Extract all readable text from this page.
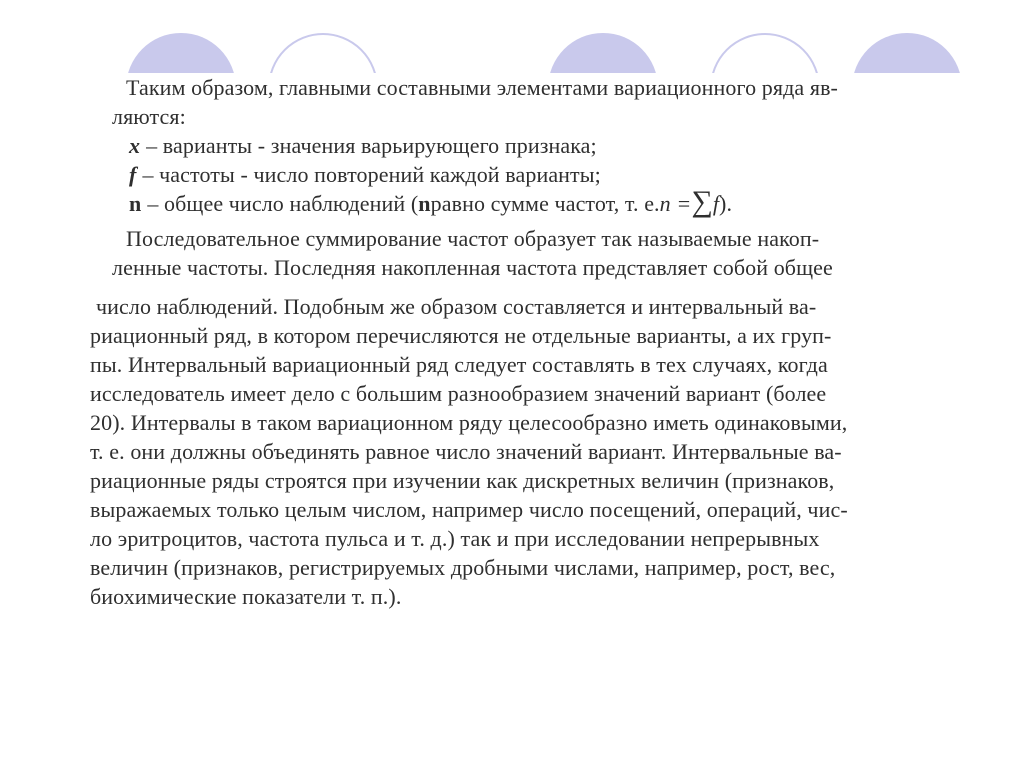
Таким образом, главными составными элементами вариационного ряда яв-
ляются:
x – варианты - значения варьирующего признака;
f – частоты - число повторений каждой варианты;
n – общее число наблюдений ( n равно сумме частот, т. е. n = ∑ f ).
Последовательное суммирование частот образует так называемые накоп-
ленные частоты. Последняя накопленная частота представляет собой общее
число наблюдений. Подобным же образом составляется и интервальный ва-
риационный ряд, в котором перечисляются не отдельные варианты, а их груп-
пы. Интервальный вариационный ряд следует составлять в тех случаях, когда
исследователь имеет дело с большим разнообразием значений вариант (более
20). Интервалы в таком вариационном ряду целесообразно иметь одинаковыми,
т. е. они должны объединять равное число значений вариант. Интервальные ва-
риационные ряды строятся при изучении как дискретных величин (признаков,
выражаемых только целым числом, например число посещений, операций, чис-
ло эритроцитов, частота пульса и т. д.) так и при исследовании непрерывных
величин (признаков, регистрируемых дробными числами, например, рост, вес,
биохимические показатели т. п.).
